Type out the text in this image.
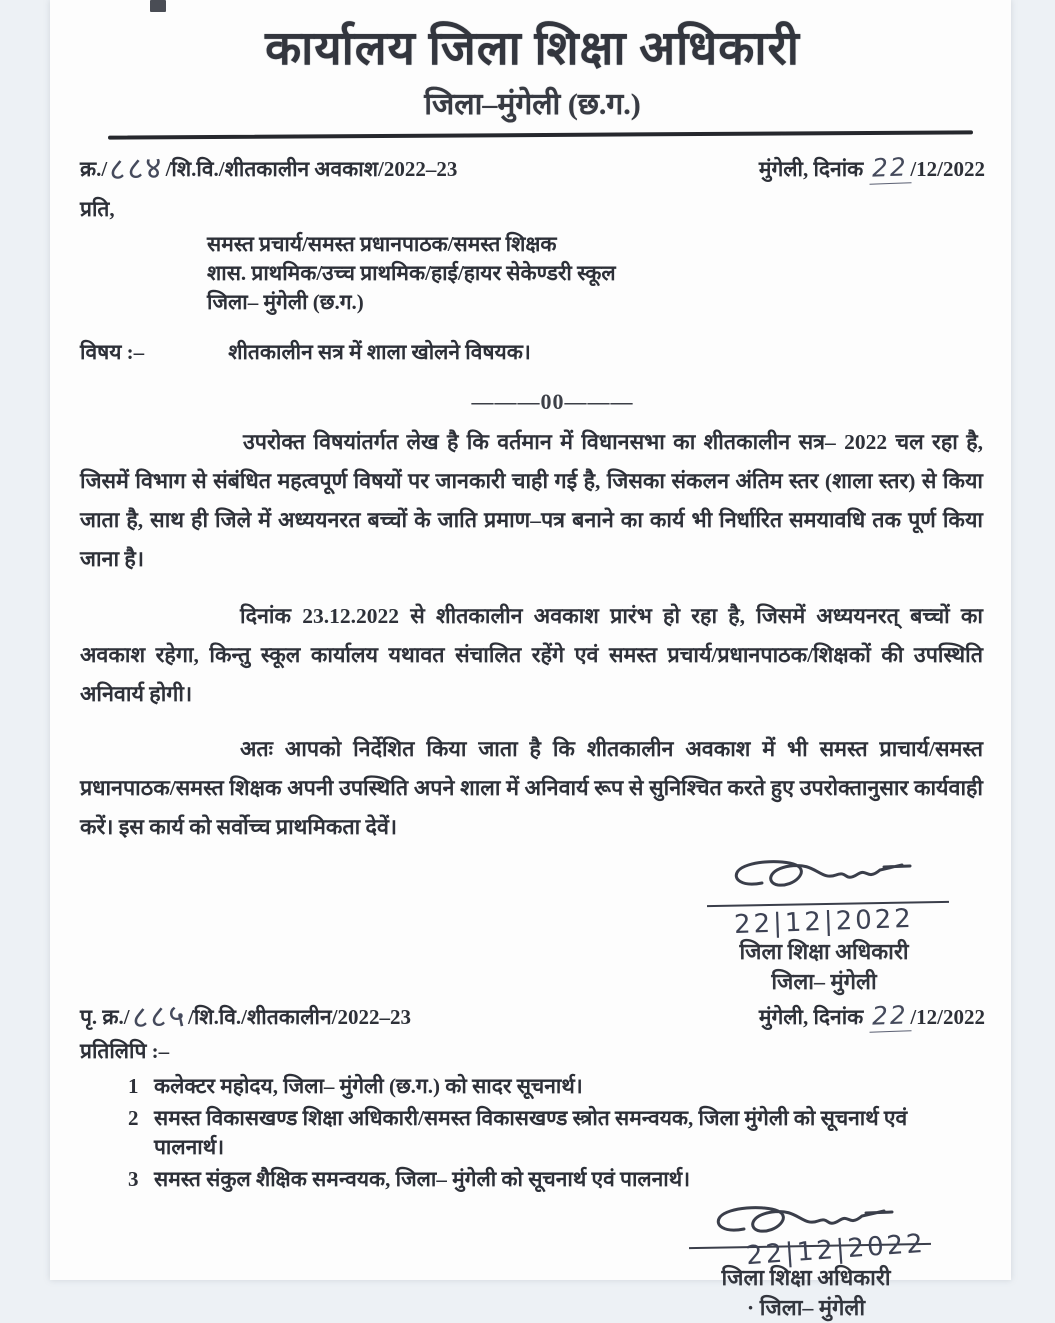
कार्यालय जिला शिक्षा अधिकारी
जिला–मुंगेली (छ.ग.)
क्र./८८४/शि.वि./शीतकालीन अवकाश/2022–23	मुंगेली, दिनांक 22 /12/2022
प्रति,
समस्त प्रचार्य/समस्त प्रधानपाठक/समस्त शिक्षक
शास. प्राथमिक/उच्च प्राथमिक/हाई/हायर सेकेण्डरी स्कूल
जिला– मुंगेली (छ.ग.)
विषय :–	शीतकालीन सत्र में शाला खोलने विषयक।
———00———

उपरोक्त विषयांतर्गत लेख है कि वर्तमान में विधानसभा का शीतकालीन सत्र– 2022 चल रहा है, जिसमें विभाग से संबंधित महत्वपूर्ण विषयों पर जानकारी चाही गई है, जिसका संकलन अंतिम स्तर (शाला स्तर) से किया जाता है, साथ ही जिले में अध्ययनरत बच्चों के जाति प्रमाण–पत्र बनाने का कार्य भी निर्धारित समयावधि तक पूर्ण किया जाना है।

दिनांक 23.12.2022 से शीतकालीन अवकाश प्रारंभ हो रहा है, जिसमें अध्ययनरत् बच्चों का अवकाश रहेगा, किन्तु स्कूल कार्यालय यथावत संचालित रहेंगे एवं समस्त प्रचार्य/प्रधानपाठक/शिक्षकों की उपस्थिति अनिवार्य होगी।

अतः आपको निर्देशित किया जाता है कि शीतकालीन अवकाश में भी समस्त प्राचार्य/समस्त प्रधानपाठक/समस्त शिक्षक अपनी उपस्थिति अपने शाला में अनिवार्य रूप से सुनिश्चित करते हुए उपरोक्तानुसार कार्यवाही करें। इस कार्य को सर्वोच्च प्राथमिकता देवें।

22|12|2022
जिला शिक्षा अधिकारी
जिला– मुंगेली
पृ. क्र./८८५/शि.वि./शीतकालीन/2022–23	मुंगेली, दिनांक 22 /12/2022
प्रतिलिपि :–
1 कलेक्टर महोदय, जिला– मुंगेली (छ.ग.) को सादर सूचनार्थ।
2 समस्त विकासखण्ड शिक्षा अधिकारी/समस्त विकासखण्ड स्त्रोत समन्वयक, जिला मुंगेली को सूचनार्थ एवं पालनार्थ।
3 समस्त संकुल शैक्षिक समन्वयक, जिला– मुंगेली को सूचनार्थ एवं पालनार्थ।
22|12|2022
जिला शिक्षा अधिकारी
· जिला– मुंगेली
